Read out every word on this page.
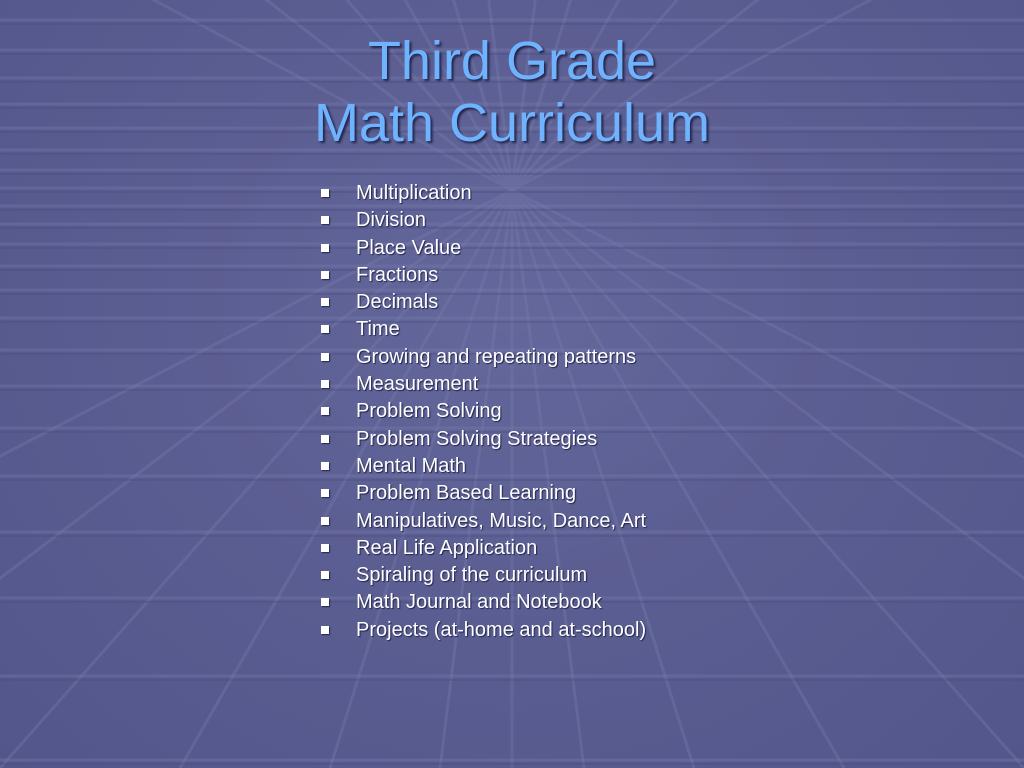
Third Grade
Math Curriculum
Multiplication
Division
Place Value
Fractions
Decimals
Time
Growing and repeating patterns
Measurement
Problem Solving
Problem Solving Strategies
Mental Math
Problem Based Learning
Manipulatives, Music, Dance, Art
Real Life Application
Spiraling of the curriculum
Math Journal and Notebook
Projects (at-home and at-school)
